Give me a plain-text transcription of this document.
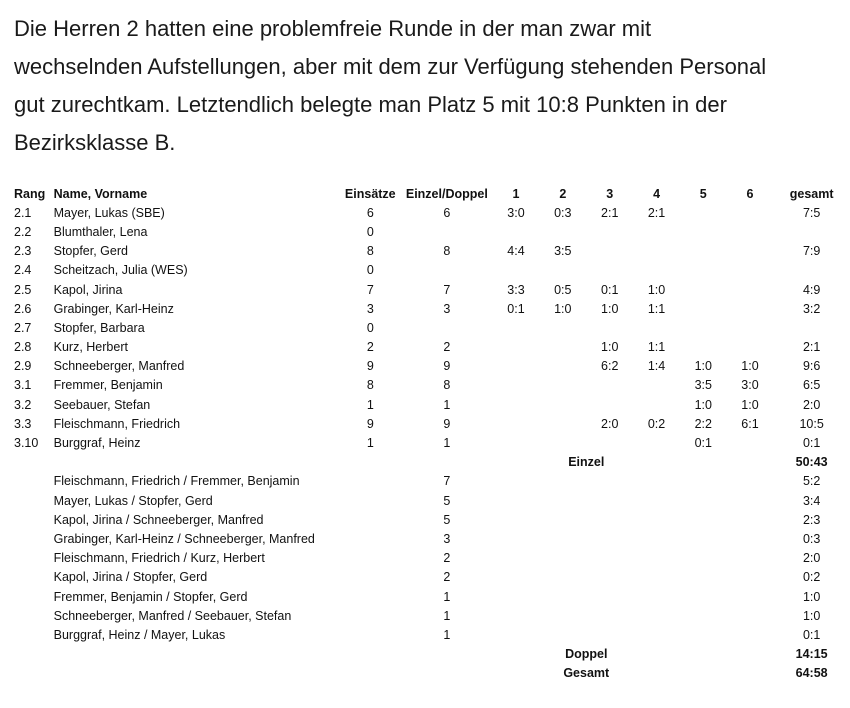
Die Herren 2 hatten eine problemfreie Runde in der man zwar mit

wechselnden Aufstellungen, aber mit dem zur Verfügung stehenden Personal

gut zurechtkam. Letztendlich belegte man Platz 5 mit 10:8 Punkten in der

Bezirksklasse B.

Rang	Name, Vorname	Einsätze	Einzel/Doppel	1	2	3	4	5	6	gesamt
2.1	Mayer, Lukas (SBE)	6	6	3:0	0:3	2:1	2:1			7:5
2.2	Blumthaler, Lena	0								
2.3	Stopfer, Gerd	8	8	4:4	3:5					7:9
2.4	Scheitzach, Julia (WES)	0								
2.5	Kapol, Jirina	7	7	3:3	0:5	0:1	1:0			4:9
2.6	Grabinger, Karl-Heinz	3	3	0:1	1:0	1:0	1:1			3:2
2.7	Stopfer, Barbara	0								
2.8	Kurz, Herbert	2	2			1:0	1:1			2:1
2.9	Schneeberger, Manfred	9	9			6:2	1:4	1:0	1:0	9:6
3.1	Fremmer, Benjamin	8	8					3:5	3:0	6:5
3.2	Seebauer, Stefan	1	1					1:0	1:0	2:0
3.3	Fleischmann, Friedrich	9	9			2:0	0:2	2:2	6:1	10:5
3.10	Burggraf, Heinz	1	1					0:1		0:1
					Einzel					50:43
	Fleischmann, Friedrich / Fremmer, Benjamin		7							5:2
	Mayer, Lukas / Stopfer, Gerd		5							3:4
	Kapol, Jirina / Schneeberger, Manfred		5							2:3
	Grabinger, Karl-Heinz / Schneeberger, Manfred		3							0:3
	Fleischmann, Friedrich / Kurz, Herbert		2							2:0
	Kapol, Jirina / Stopfer, Gerd		2							0:2
	Fremmer, Benjamin / Stopfer, Gerd		1							1:0
	Schneeberger, Manfred / Seebauer, Stefan		1							1:0
	Burggraf, Heinz / Mayer, Lukas		1							0:1
					Doppel					14:15
					Gesamt					64:58
